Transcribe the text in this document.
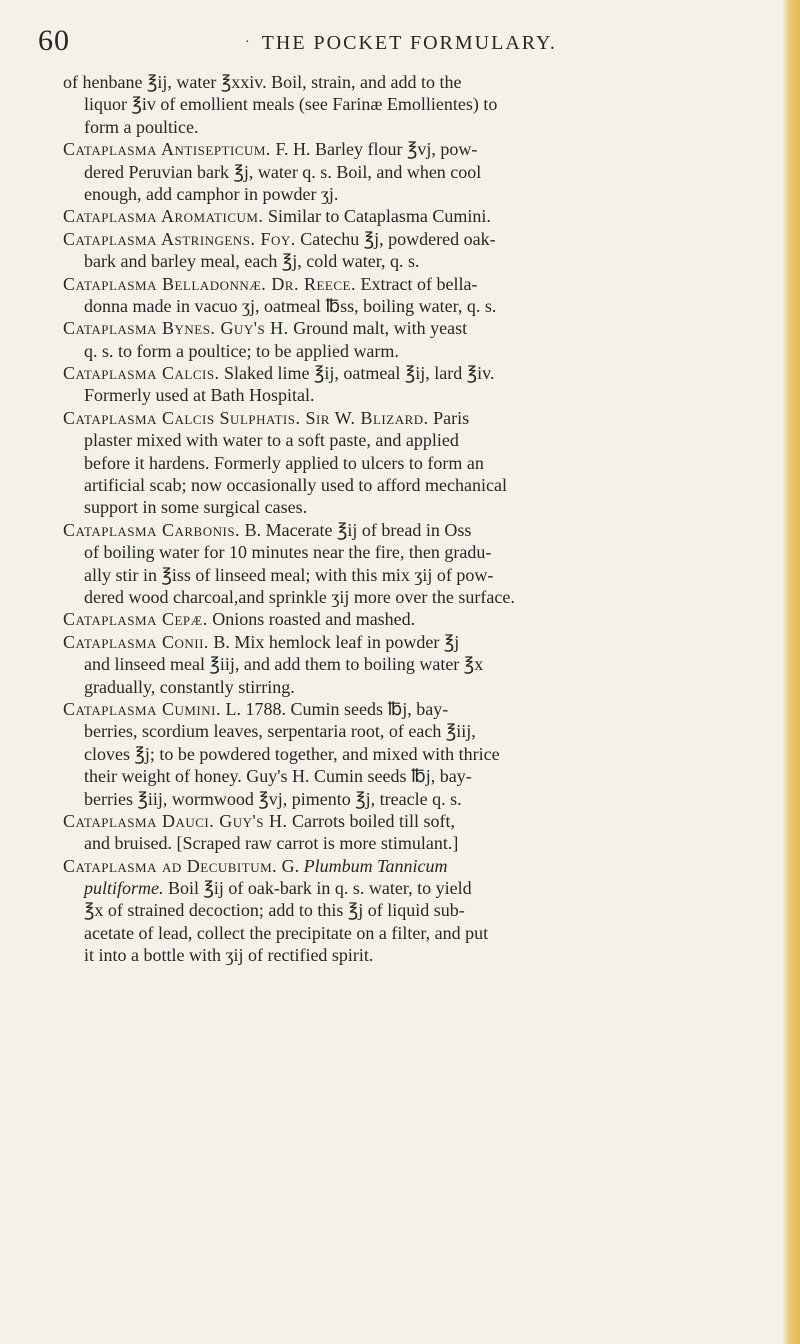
60	· THE POCKET FORMULARY.
of henbane ℥ij, water ℥xxiv. Boil, strain, and add to the
liquor ℥iv of emollient meals (see Farinæ Emollientes) to
form a poultice.
Cataplasma Antisepticum. F. H. Barley flour ℥vj, pow-
dered Peruvian bark ℥j, water q. s. Boil, and when cool
enough, add camphor in powder ʒj.
Cataplasma Aromaticum. Similar to Cataplasma Cumini.
Cataplasma Astringens. Foy. Catechu ℥j, powdered oak-
bark and barley meal, each ℥j, cold water, q. s.
Cataplasma Belladonnæ. Dr. Reece. Extract of bella-
donna made in vacuo ʒj, oatmeal ℔ss, boiling water, q. s.
Cataplasma Bynes. Guy's H. Ground malt, with yeast
q. s. to form a poultice; to be applied warm.
Cataplasma Calcis. Slaked lime ℥ij, oatmeal ℥ij, lard ℥iv.
Formerly used at Bath Hospital.
Cataplasma Calcis Sulphatis. Sir W. Blizard. Paris
plaster mixed with water to a soft paste, and applied
before it hardens. Formerly applied to ulcers to form an
artificial scab; now occasionally used to afford mechanical
support in some surgical cases.
Cataplasma Carbonis. B. Macerate ℥ij of bread in Oss
of boiling water for 10 minutes near the fire, then gradu-
ally stir in ℥iss of linseed meal; with this mix ʒij of pow-
dered wood charcoal,and sprinkle ʒij more over the surface.
Cataplasma Cepæ. Onions roasted and mashed.
Cataplasma Conii. B. Mix hemlock leaf in powder ℥j
and linseed meal ℥iij, and add them to boiling water ℥x
gradually, constantly stirring.
Cataplasma Cumini. L. 1788. Cumin seeds ℔j, bay-
berries, scordium leaves, serpentaria root, of each ℥iij,
cloves ℥j; to be powdered together, and mixed with thrice
their weight of honey. Guy's H. Cumin seeds ℔j, bay-
berries ℥iij, wormwood ℥vj, pimento ℥j, treacle q. s.
Cataplasma Dauci. Guy's H. Carrots boiled till soft,
and bruised. [Scraped raw carrot is more stimulant.]
Cataplasma ad Decubitum. G. Plumbum Tannicum
pultiforme. Boil ℥ij of oak-bark in q. s. water, to yield
℥x of strained decoction; add to this ℥j of liquid sub-
acetate of lead, collect the precipitate on a filter, and put
it into a bottle with ʒij of rectified spirit.
